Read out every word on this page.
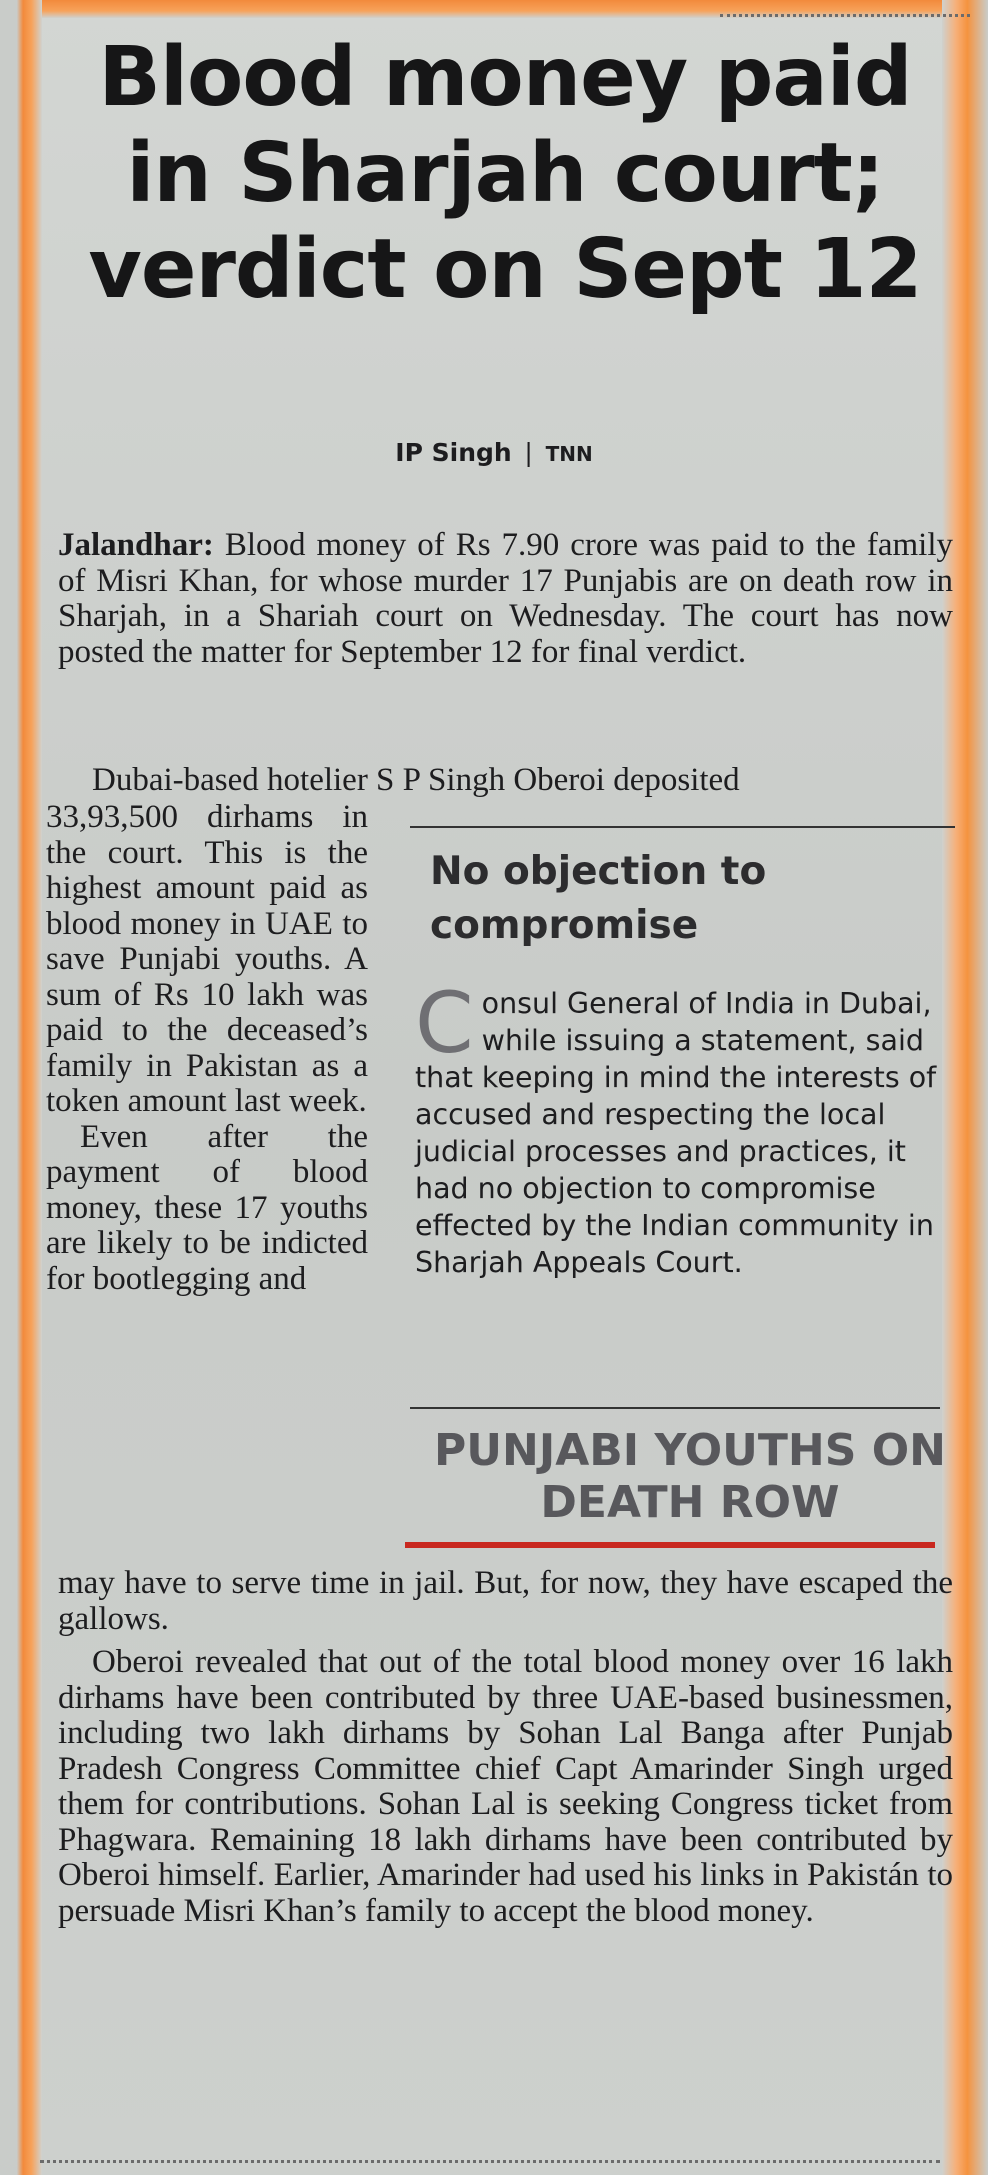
Blood money paid in Sharjah court; verdict on Sept 12
IP Singh | TNN

Jalandhar: Blood money of Rs 7.90 crore was paid to the family of Misri Khan, for whose murder 17 Punjabis are on death row in Sharjah, in a Shariah court on Wednesday. The court has now posted the matter for September 12 for final verdict.

Dubai-based hotelier S P Singh Oberoi deposited

33,93,500 dirhams in the court. This is the highest amount paid as blood money in UAE to save Punjabi youths. A sum of Rs 10 lakh was paid to the deceased’s family in Pakistan as a token amount last week.

Even after the payment of blood money, these 17 youths are likely to be indicted for bootlegging and

No objection to compromise

C onsul General of India in Dubai, while issuing a statement, said that keeping in mind the interests of accused and respecting the local judicial processes and practices, it had no objection to compromise effected by the Indian community in Sharjah Appeals Court.

PUNJABI YOUTHS ON DEATH ROW

may have to serve time in jail. But, for now, they have escaped the gallows.

Oberoi revealed that out of the total blood money over 16 lakh dirhams have been contributed by three UAE-based businessmen, including two lakh dirhams by Sohan Lal Banga after Punjab Pradesh Congress Committee chief Capt Amarinder Singh urged them for contributions. Sohan Lal is seeking Congress ticket from Phagwara. Remaining 18 lakh dirhams have been contributed by Oberoi himself. Earlier, Amarinder had used his links in Pakistán to persuade Misri Khan’s family to accept the blood money.
